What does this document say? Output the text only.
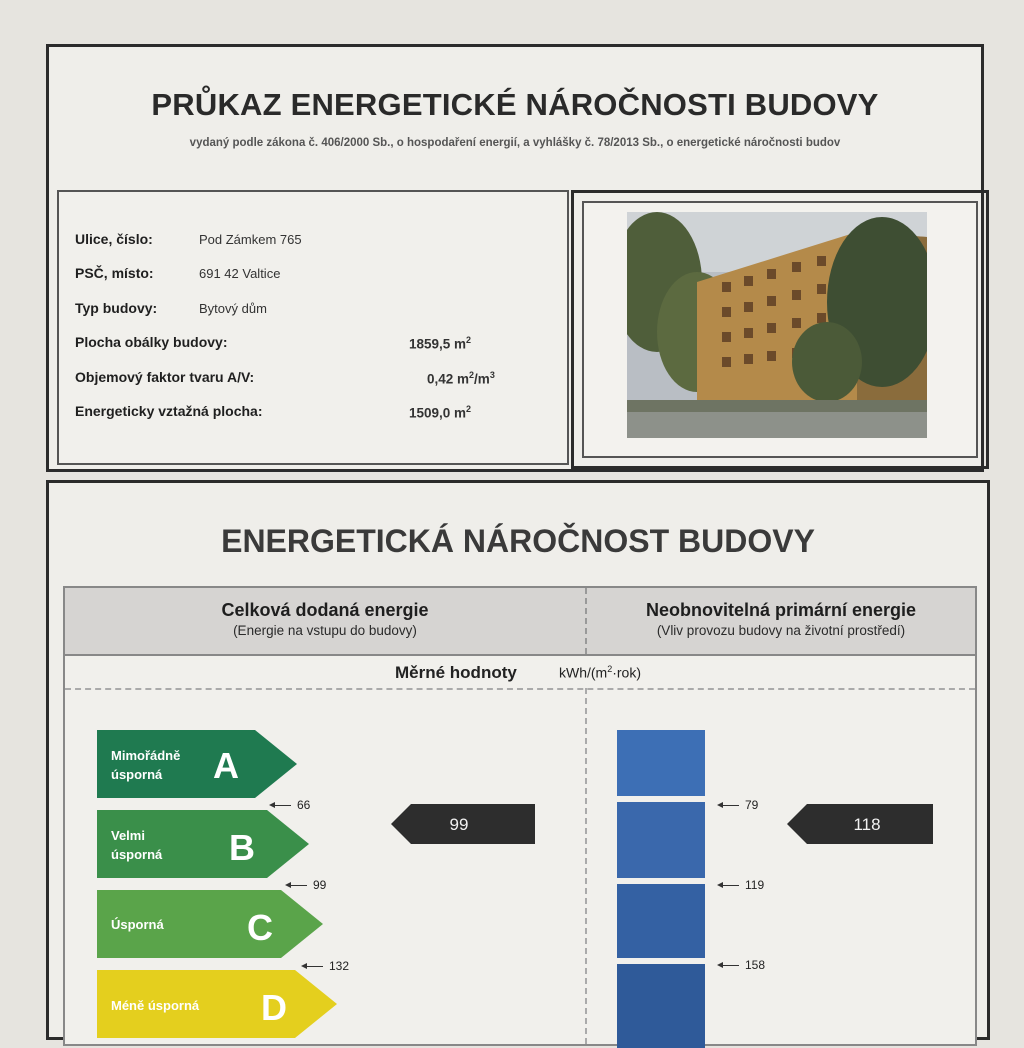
PRŮKAZ ENERGETICKÉ NÁROČNOSTI BUDOVY
vydaný podle zákona č. 406/2000 Sb., o hospodaření energií, a vyhlášky č. 78/2013 Sb., o energetické náročnosti budov
Ulice, číslo:	Pod Zámkem 765
PSČ, místo:	691 42 Valtice
Typ budovy:	Bytový dům
Plocha obálky budovy:	1859,5 $m^2$
Objemový faktor tvaru A/V:	0,42 $m^2/m^3$
Energeticky vztažná plocha:	1509,0 $m^2$
ENERGETICKÁ NÁROČNOST BUDOVY
Celková dodaná energie
(Energie na vstupu do budovy)
Neobnovitelná primární energie
(Vliv provozu budovy na životní prostředí)
Měrné hodnoty	kWh/$(m^2\cdot rok)$
Mimořádně
úsporná A
Velmi
úsporná B
Úsporná C
Méně úsporná D
99
66
99
132
118
79
119
158
